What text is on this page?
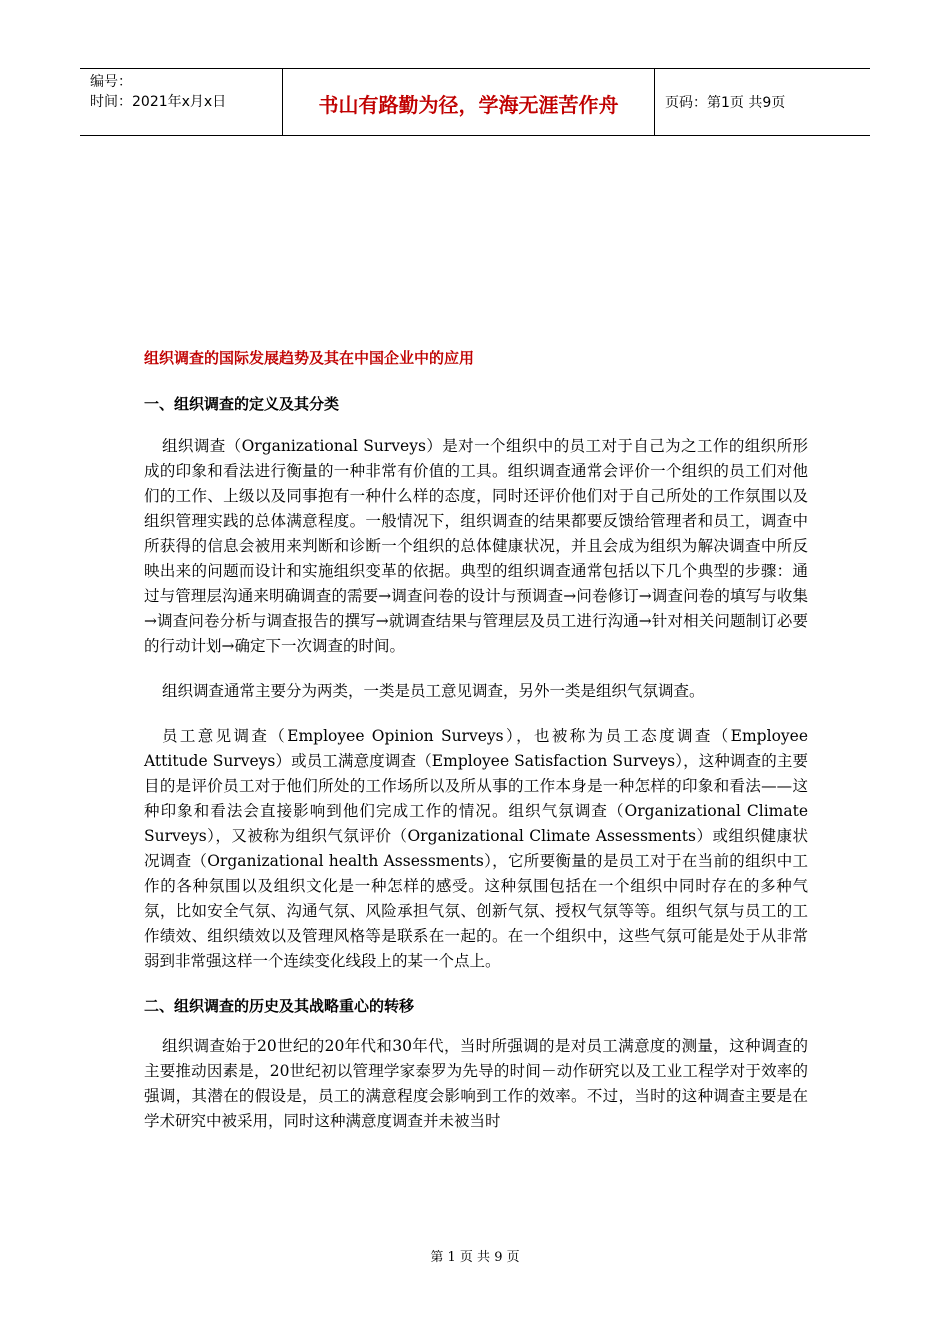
编号：
时间：2021年x月x日	书山有路勤为径，学海无涯苦作舟	页码：第1页 共9页
组织调查的国际发展趋势及其在中国企业中的应用
一、组织调查的定义及其分类

组织调查（Organizational Surveys）是对一个组织中的员工对于自己为之工作的组织所形成的印象和看法进行衡量的一种非常有价值的工具。组织调查通常会评价一个组织的员工们对他们的工作、上级以及同事抱有一种什么样的态度，同时还评价他们对于自己所处的工作氛围以及组织管理实践的总体满意程度。一般情况下，组织调查的结果都要反馈给管理者和员工，调查中所获得的信息会被用来判断和诊断一个组织的总体健康状况，并且会成为组织为解决调查中所反映出来的问题而设计和实施组织变革的依据。典型的组织调查通常包括以下几个典型的步骤：通过与管理层沟通来明确调查的需要→调查问卷的设计与预调查→问卷修订→调查问卷的填写与收集→调查问卷分析与调查报告的撰写→就调查结果与管理层及员工进行沟通→针对相关问题制订必要的行动计划→确定下一次调查的时间。

组织调查通常主要分为两类，一类是员工意见调查，另外一类是组织气氛调查。

员工意见调查（Employee Opinion Surveys），也被称为员工态度调查（Employee Attitude Surveys）或员工满意度调查（Employee Satisfaction Surveys），这种调查的主要目的是评价员工对于他们所处的工作场所以及所从事的工作本身是一种怎样的印象和看法——这种印象和看法会直接影响到他们完成工作的情况。组织气氛调查（Organizational Climate Surveys），又被称为组织气氛评价（Organizational Climate Assessments）或组织健康状况调查（Organizational health Assessments），它所要衡量的是员工对于在当前的组织中工作的各种氛围以及组织文化是一种怎样的感受。这种氛围包括在一个组织中同时存在的多种气氛，比如安全气氛、沟通气氛、风险承担气氛、创新气氛、授权气氛等等。组织气氛与员工的工作绩效、组织绩效以及管理风格等是联系在一起的。在一个组织中，这些气氛可能是处于从非常弱到非常强这样一个连续变化线段上的某一个点上。

二、组织调查的历史及其战略重心的转移

组织调查始于20世纪的20年代和30年代，当时所强调的是对员工满意度的测量，这种调查的主要推动因素是，20世纪初以管理学家泰罗为先导的时间－动作研究以及工业工程学对于效率的强调，其潜在的假设是，员工的满意程度会影响到工作的效率。不过，当时的这种调查主要是在学术研究中被采用，同时这种满意度调查并未被当时

第 1 页 共 9 页
